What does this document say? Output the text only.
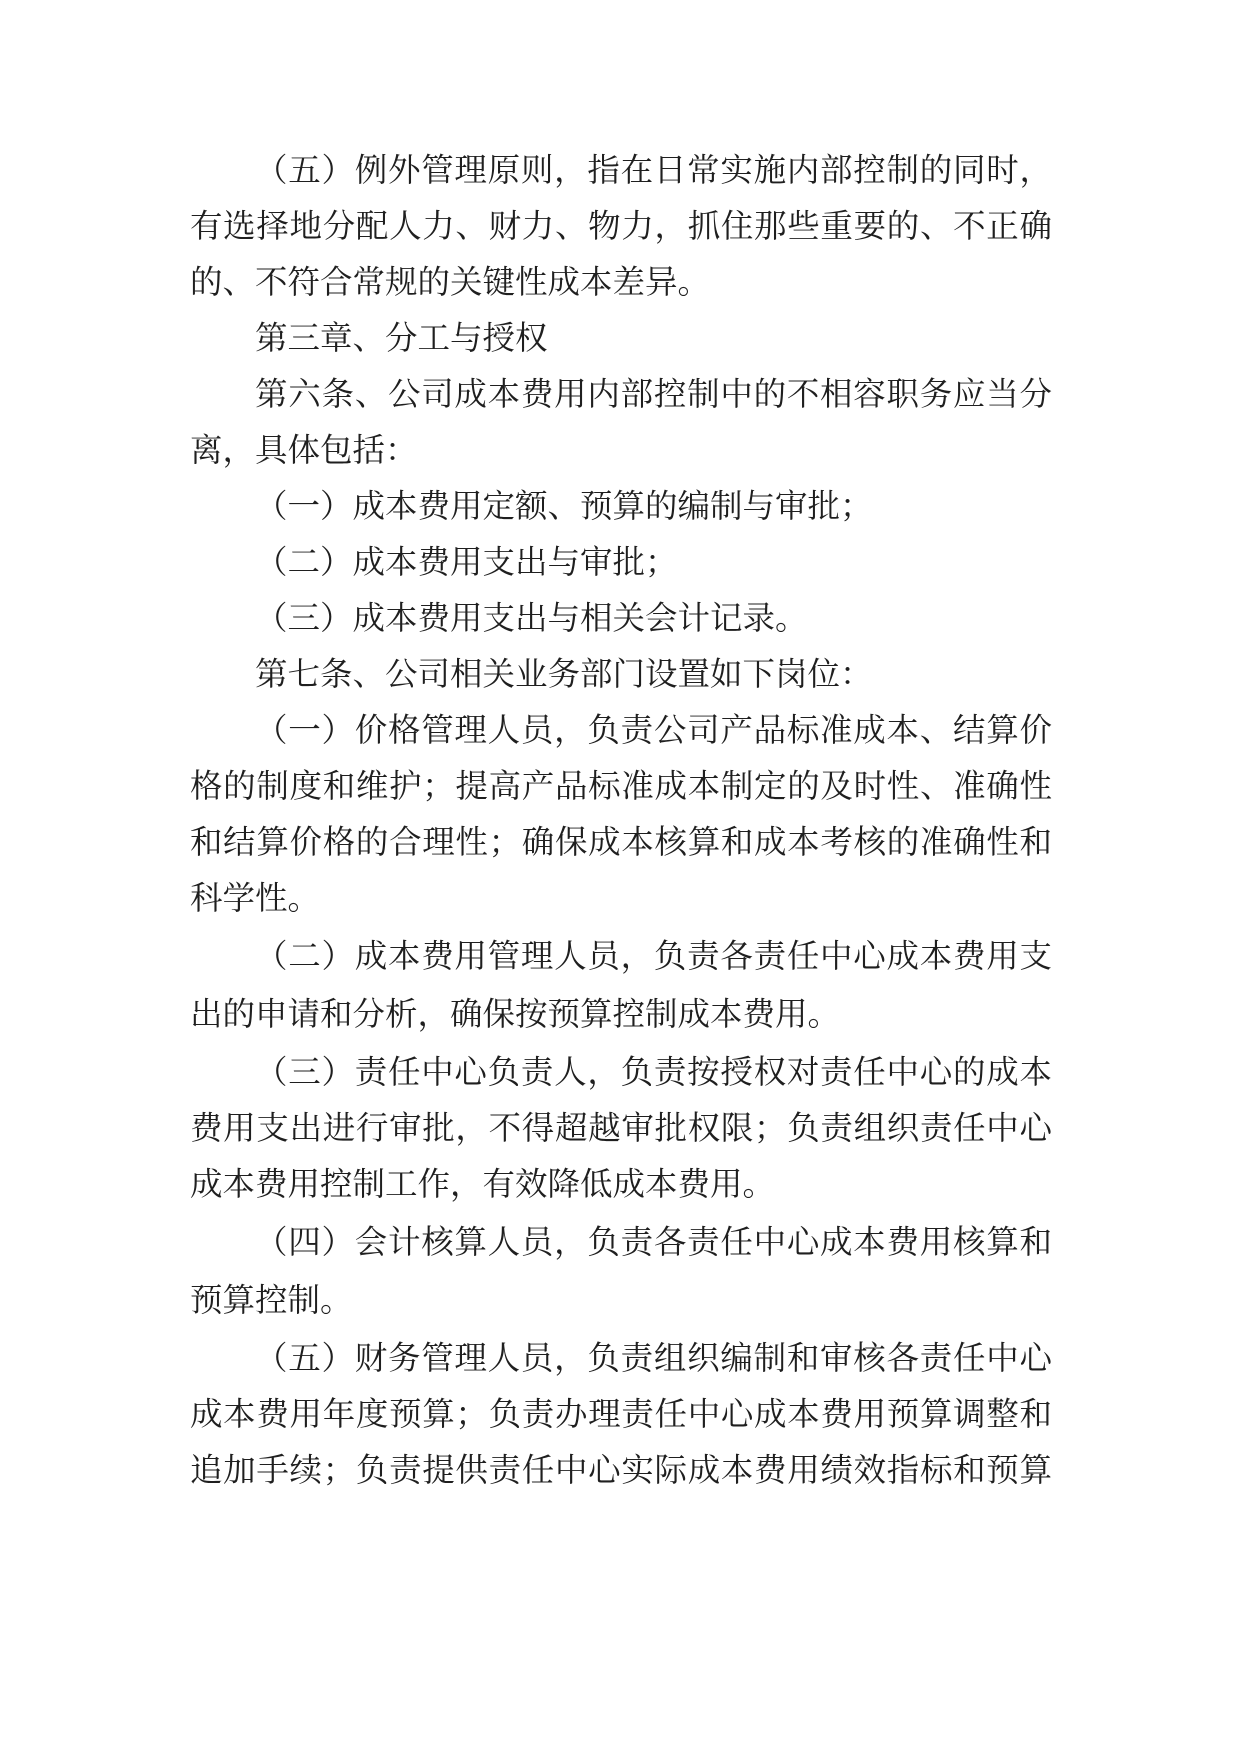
（五）例外管理原则，指在日常实施内部控制的同时，
有选择地分配人力、财力、物力，抓住那些重要的、不正确
的、不符合常规的关键性成本差异。
第三章、分工与授权
第六条、公司成本费用内部控制中的不相容职务应当分
离，具体包括：
（一）成本费用定额、预算的编制与审批；
（二）成本费用支出与审批；
（三）成本费用支出与相关会计记录。
第七条、公司相关业务部门设置如下岗位：
（一）价格管理人员，负责公司产品标准成本、结算价
格的制度和维护；提高产品标准成本制定的及时性、准确性
和结算价格的合理性；确保成本核算和成本考核的准确性和
科学性。
（二）成本费用管理人员，负责各责任中心成本费用支
出的申请和分析，确保按预算控制成本费用。
（三）责任中心负责人，负责按授权对责任中心的成本
费用支出进行审批，不得超越审批权限；负责组织责任中心
成本费用控制工作，有效降低成本费用。
（四）会计核算人员，负责各责任中心成本费用核算和
预算控制。
（五）财务管理人员，负责组织编制和审核各责任中心
成本费用年度预算；负责办理责任中心成本费用预算调整和
追加手续；负责提供责任中心实际成本费用绩效指标和预算
